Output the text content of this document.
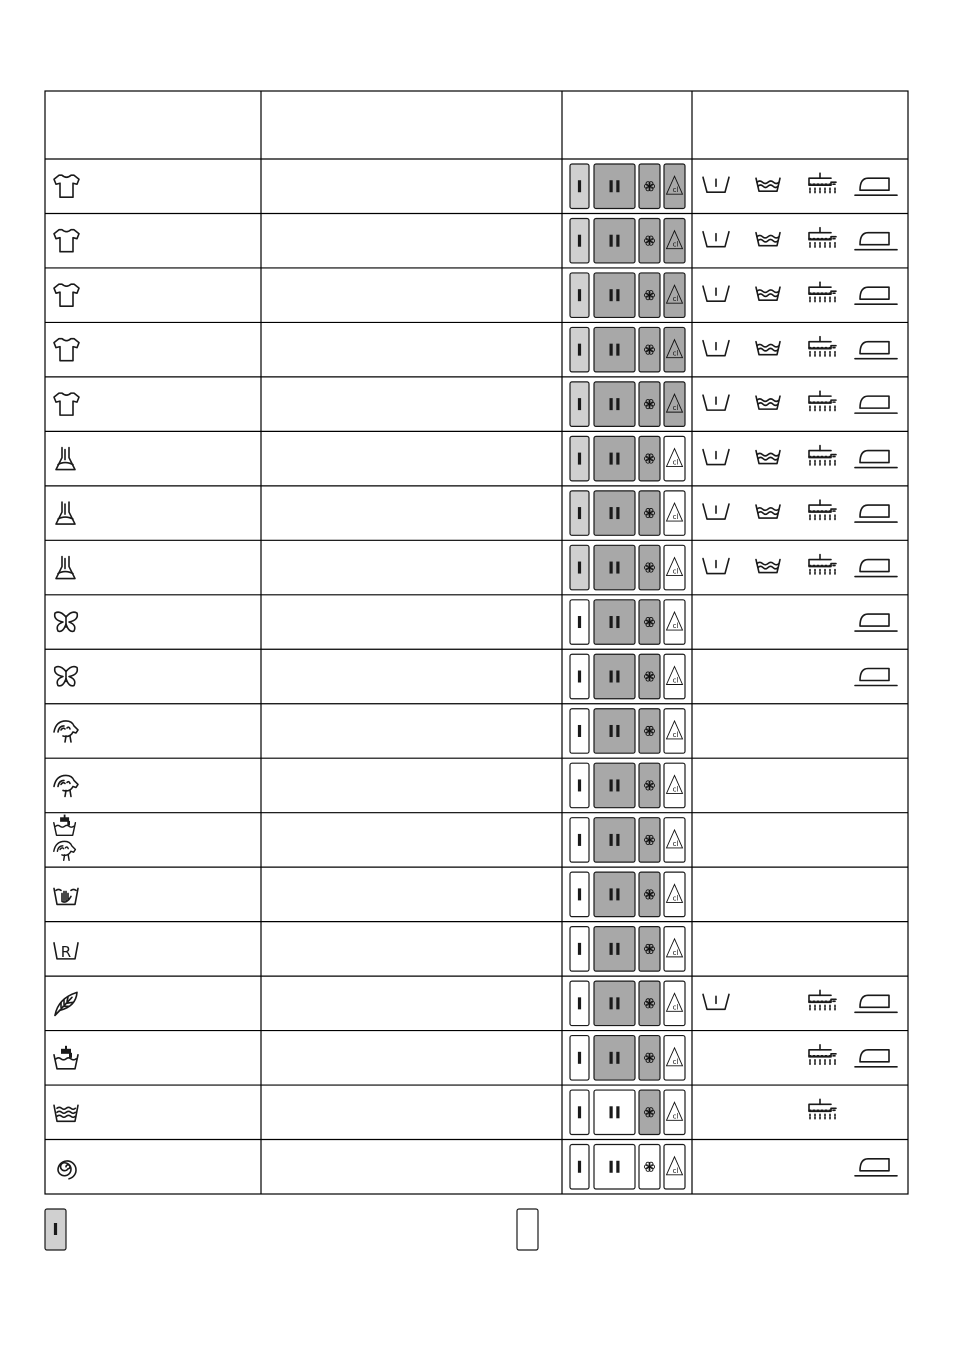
cl
cl
cl
cl
cl
cl
cl
cl
cl
cl
cl
cl
cl
cl
R	cl
cl
cl
cl
cl
